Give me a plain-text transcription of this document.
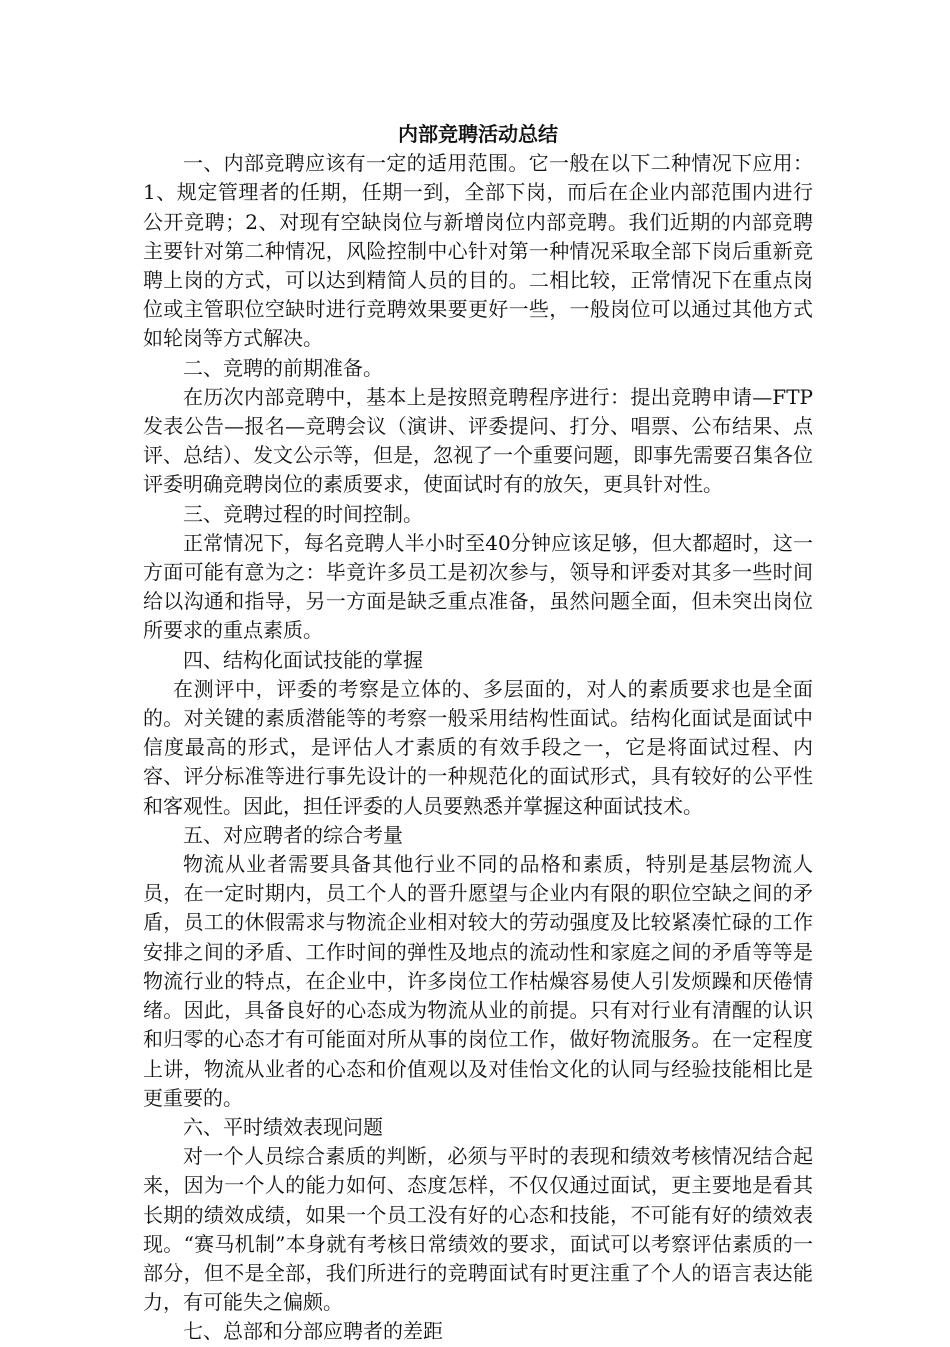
内部竞聘活动总结

一、内部竞聘应该有一定的适用范围。它一般在以下二种情况下应用：1、规定管理者的任期，任期一到，全部下岗，而后在企业内部范围内进行公开竞聘；2、对现有空缺岗位与新增岗位内部竞聘。我们近期的内部竞聘主要针对第二种情况，风险控制中心针对第一种情况采取全部下岗后重新竞聘上岗的方式，可以达到精简人员的目的。二相比较，正常情况下在重点岗位或主管职位空缺时进行竞聘效果要更好一些，一般岗位可以通过其他方式如轮岗等方式解决。

二、竞聘的前期准备。

在历次内部竞聘中，基本上是按照竞聘程序进行：提出竞聘申请—FTP发表公告—报名—竞聘会议（演讲、评委提问、打分、唱票、公布结果、点评、总结）、发文公示等，但是，忽视了一个重要问题，即事先需要召集各位评委明确竞聘岗位的素质要求，使面试时有的放矢，更具针对性。

三、竞聘过程的时间控制。

正常情况下，每名竞聘人半小时至40分钟应该足够，但大都超时，这一方面可能有意为之：毕竟许多员工是初次参与，领导和评委对其多一些时间给以沟通和指导，另一方面是缺乏重点准备，虽然问题全面，但未突出岗位所要求的重点素质。

四、结构化面试技能的掌握

在测评中，评委的考察是立体的、多层面的，对人的素质要求也是全面的。对关键的素质潜能等的考察一般采用结构性面试。结构化面试是面试中信度最高的形式，是评估人才素质的有效手段之一，它是将面试过程、内容、评分标准等进行事先设计的一种规范化的面试形式，具有较好的公平性和客观性。因此，担任评委的人员要熟悉并掌握这种面试技术。

五、对应聘者的综合考量

物流从业者需要具备其他行业不同的品格和素质，特别是基层物流人员，在一定时期内，员工个人的晋升愿望与企业内有限的职位空缺之间的矛盾，员工的休假需求与物流企业相对较大的劳动强度及比较紧凑忙碌的工作安排之间的矛盾、工作时间的弹性及地点的流动性和家庭之间的矛盾等等是物流行业的特点，在企业中，许多岗位工作枯燥容易使人引发烦躁和厌倦情绪。因此，具备良好的心态成为物流从业的前提。只有对行业有清醒的认识和归零的心态才有可能面对所从事的岗位工作，做好物流服务。在一定程度上讲，物流从业者的心态和价值观以及对佳怡文化的认同与经验技能相比是更重要的。

六、平时绩效表现问题

对一个人员综合素质的判断，必须与平时的表现和绩效考核情况结合起来，因为一个人的能力如何、态度怎样，不仅仅通过面试，更主要地是看其长期的绩效成绩，如果一个员工没有好的心态和技能，不可能有好的绩效表现。“赛马机制”本身就有考核日常绩效的要求，面试可以考察评估素质的一部分，但不是全部，我们所进行的竞聘面试有时更注重了个人的语言表达能力，有可能失之偏颇。

七、总部和分部应聘者的差距
